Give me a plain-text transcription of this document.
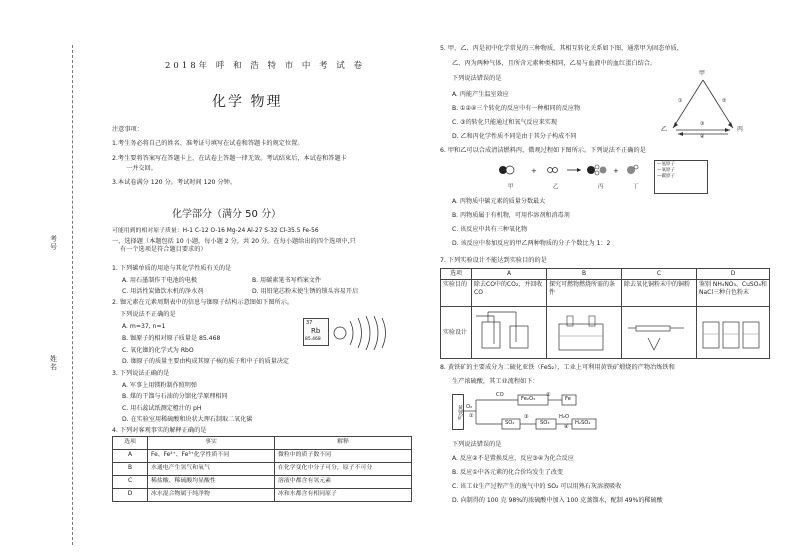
考号
姓名
2018年 呼 和 浩 特 市 中 考 试 卷
化学 物理
注意事项：
1.考生务必将自己的姓名、准考证号填写在试卷和答题卡的规定位置。
2.考生要将答案写在答题卡上，在试卷上答题一律无效。考试结束后，本试卷和答题卡
一并交回。
3.本试卷满分 120 分。考试时间 120 分钟。
化学部分（满分 50 分）
可能用到的相对原子质量：H-1 C-12 O-16 Mg-24 Al-27 S-32 Cl-35.5 Fe-56
一、选择题（本题包括 10 小题，每小题 2 分，共 20 分。在每小题给出的四个选项中,只
有一个选项是符合题目要求的）
1. 下列碳单质的用途与其化学性质有关的是
A. 用石墨制作干电池的电极	B. 用碳素笔书写档案文件
C. 用活性炭做饮水机的净水剂	D. 用铅笔芯粉末使生锈的锁头容易开启
2. 铷元素在元素周期表中的信息与铷原子结构示意图如下图所示。
下列说法不正确的是
A. m=37, n=1
B. 铷原子的相对原子质量是 85.468
C. 氧化铷的化学式为 RbO
D. 铷原子的质量主要由构成其原子核的质子和中子的质量决定
37
Rb
85.468
3. 下列说法正确的是
A. 军事上用镁粉制作照明弹
B. 煤的干馏与石油的分馏化学原理相同
C. 用石蕊试纸测定橙汁的 pH
D. 在实验室用稀硫酸和块状大理石制取二氧化碳
4. 下列对客观事实的解释正确的是
选项	事实	解释
A	Fe、Fe²⁺、Fe³⁺化学性质不同	微粒中的质子数不同
B	水通电产生氢气和氧气	在化学变化中分子可分，原子不可分
C	稀盐酸、稀硫酸均显酸性	溶液中都含有氢元素
D	冰水混合物属于纯净物	冰和水都含有相同原子
5. 甲、乙、丙是初中化学常见的三种物质，其相互转化关系如下图，通常甲为固态单质，
乙、丙为两种气体，且所含元素种类相同，乙易与血液中的血红蛋白结合。
下列说法错误的是
A. 丙能产生温室效应
B. ①②④三个转化的反应中有一种相同的反应物
C. ③的转化只能通过和氧气反应来实现
D. 乙和丙化学性质不同是由于其分子构成不同
甲
乙	丙
①	②
③
④
6. 甲和乙可以合成清洁燃料丙，微观过程如下图所示。下列说法不正确的是
+	+
甲	乙	丙	丁
—氢原子
—氧原子
—碳原子
A. 丙物质中碳元素的质量分数最大
B. 丙物质属于有机物，可用作溶剂和消毒剂
C. 该反应中共有三种氧化物
D. 该反应中参加反应的甲乙两种物质的分子个数比为 1：2
7. 下列实验设计不能达到实验目的的是
选项	A	B	C	D
实验目的	除去CO中的CO₂，并回收CO	探究可燃物燃烧所需的条件	除去氧化铜粉末中的铜粉	鉴别 NH₄NO₃、CuSO₄和NaCl三种白色粉末
实验设计				
8. 黄铁矿的主要成分为二硫化亚铁（FeS₂），工业上可利用黄铁矿煅烧的产物冶炼铁和
生产浓硫酸，其工业流程如下：
黄铁矿 O₂
①
CO
Fe₂O₃
②
Fe
SO₂
③
SO₃
H₂O
④
H₂SO₄
下列说法错误的是
A. 反应②不是置换反应，反应③④为化合反应
B. 反应①中各元素的化合价均发生了改变
C. 该工业生产过程产生的废气中的 SO₂ 可以用熟石灰溶液吸收
D. 向制得的 100 克 98%的浓硫酸中加入 100 克蒸馏水，配制 49%的稀硫酸
